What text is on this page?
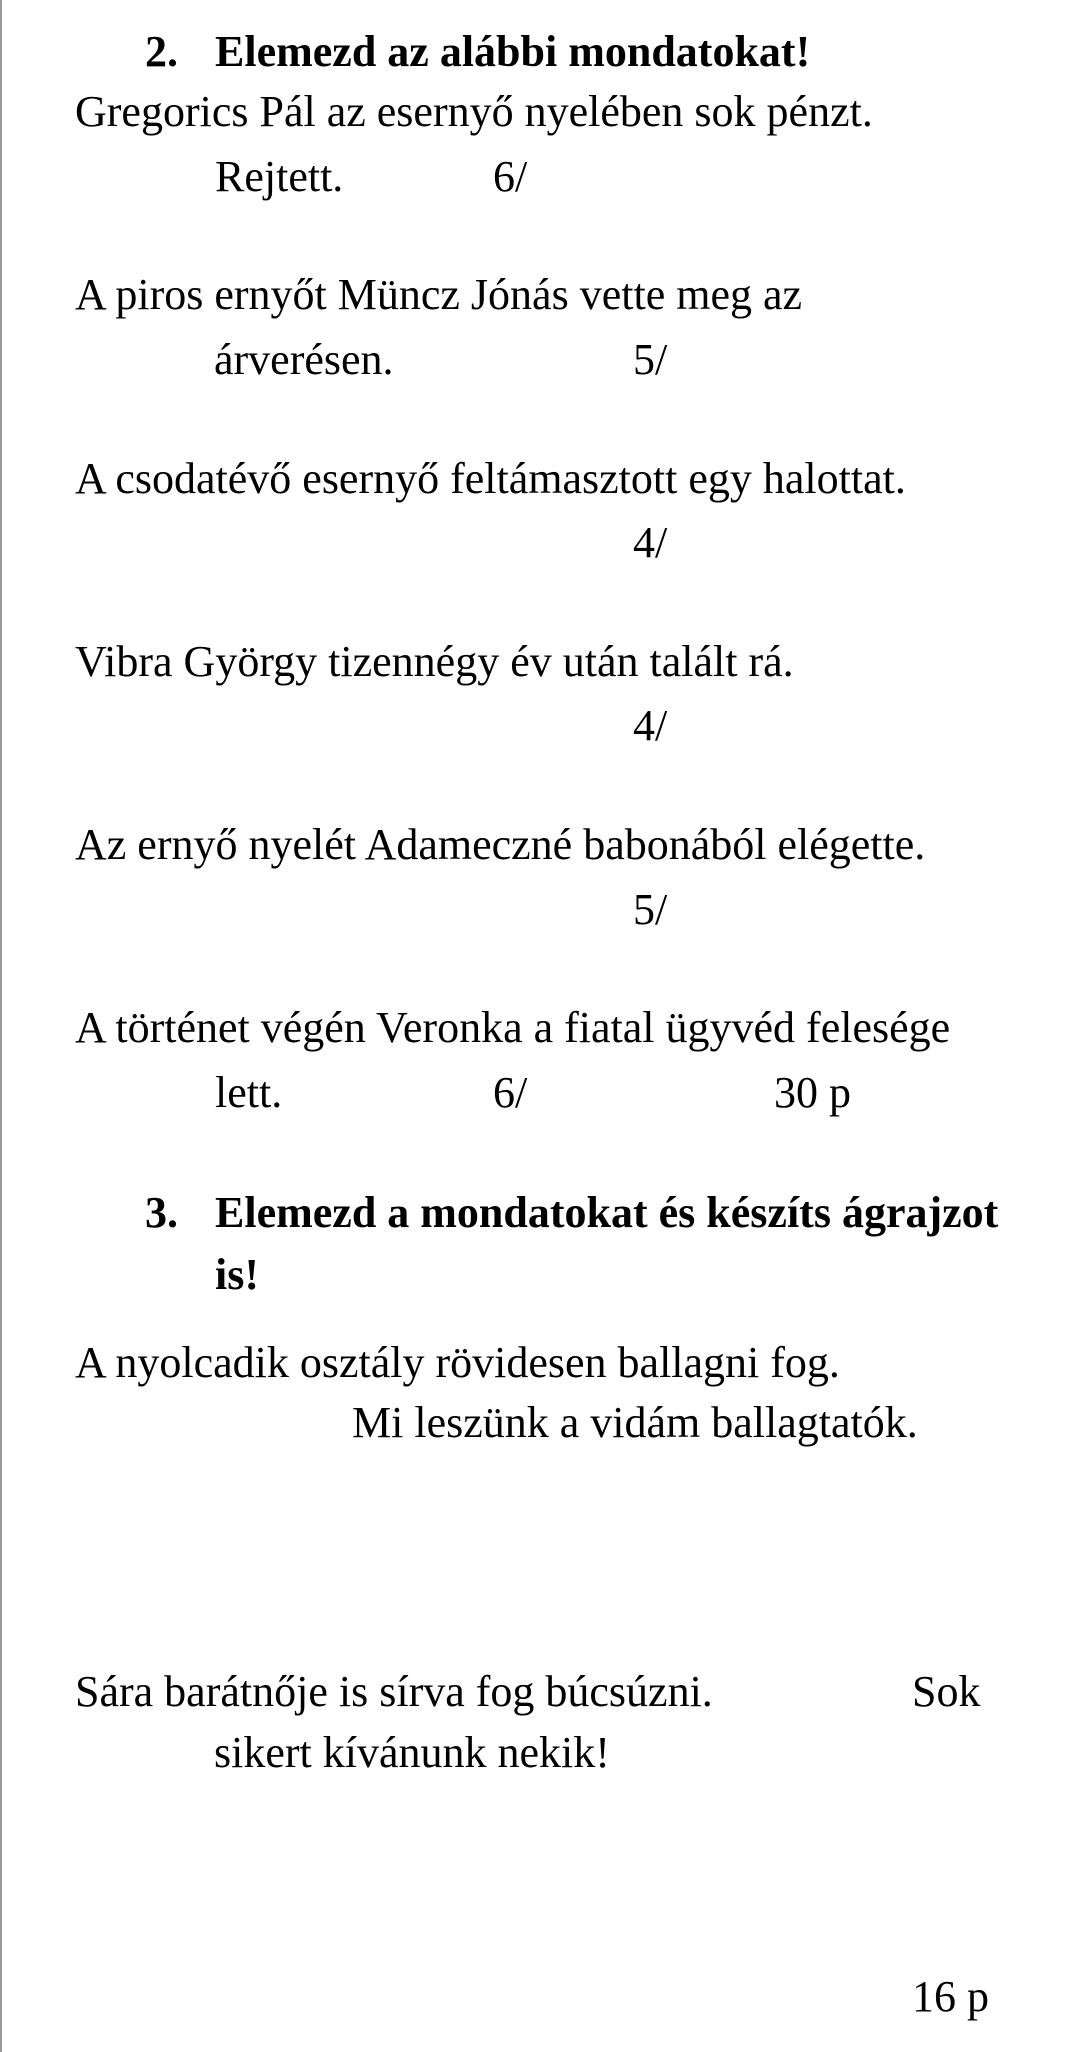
2. Elemezd az alábbi mondatokat!
Gregorics Pál az esernyő nyelében sok pénzt.
Rejtett.	6/
A piros ernyőt Müncz Jónás vette meg az
árverésen.	5/
A csodatévő esernyő feltámasztott egy halottat.
4/
Vibra György tizennégy év után talált rá.
4/
Az ernyő nyelét Adameczné babonából elégette.
5/
A történet végén Veronka a fiatal ügyvéd felesége
lett.	6/	30 p
3. Elemezd a mondatokat és készíts ágrajzot
is!
A nyolcadik osztály rövidesen ballagni fog.
Mi leszünk a vidám ballagtatók.
Sára barátnője is sírva fog búcsúzni.	Sok
sikert kívánunk nekik!
16 p
